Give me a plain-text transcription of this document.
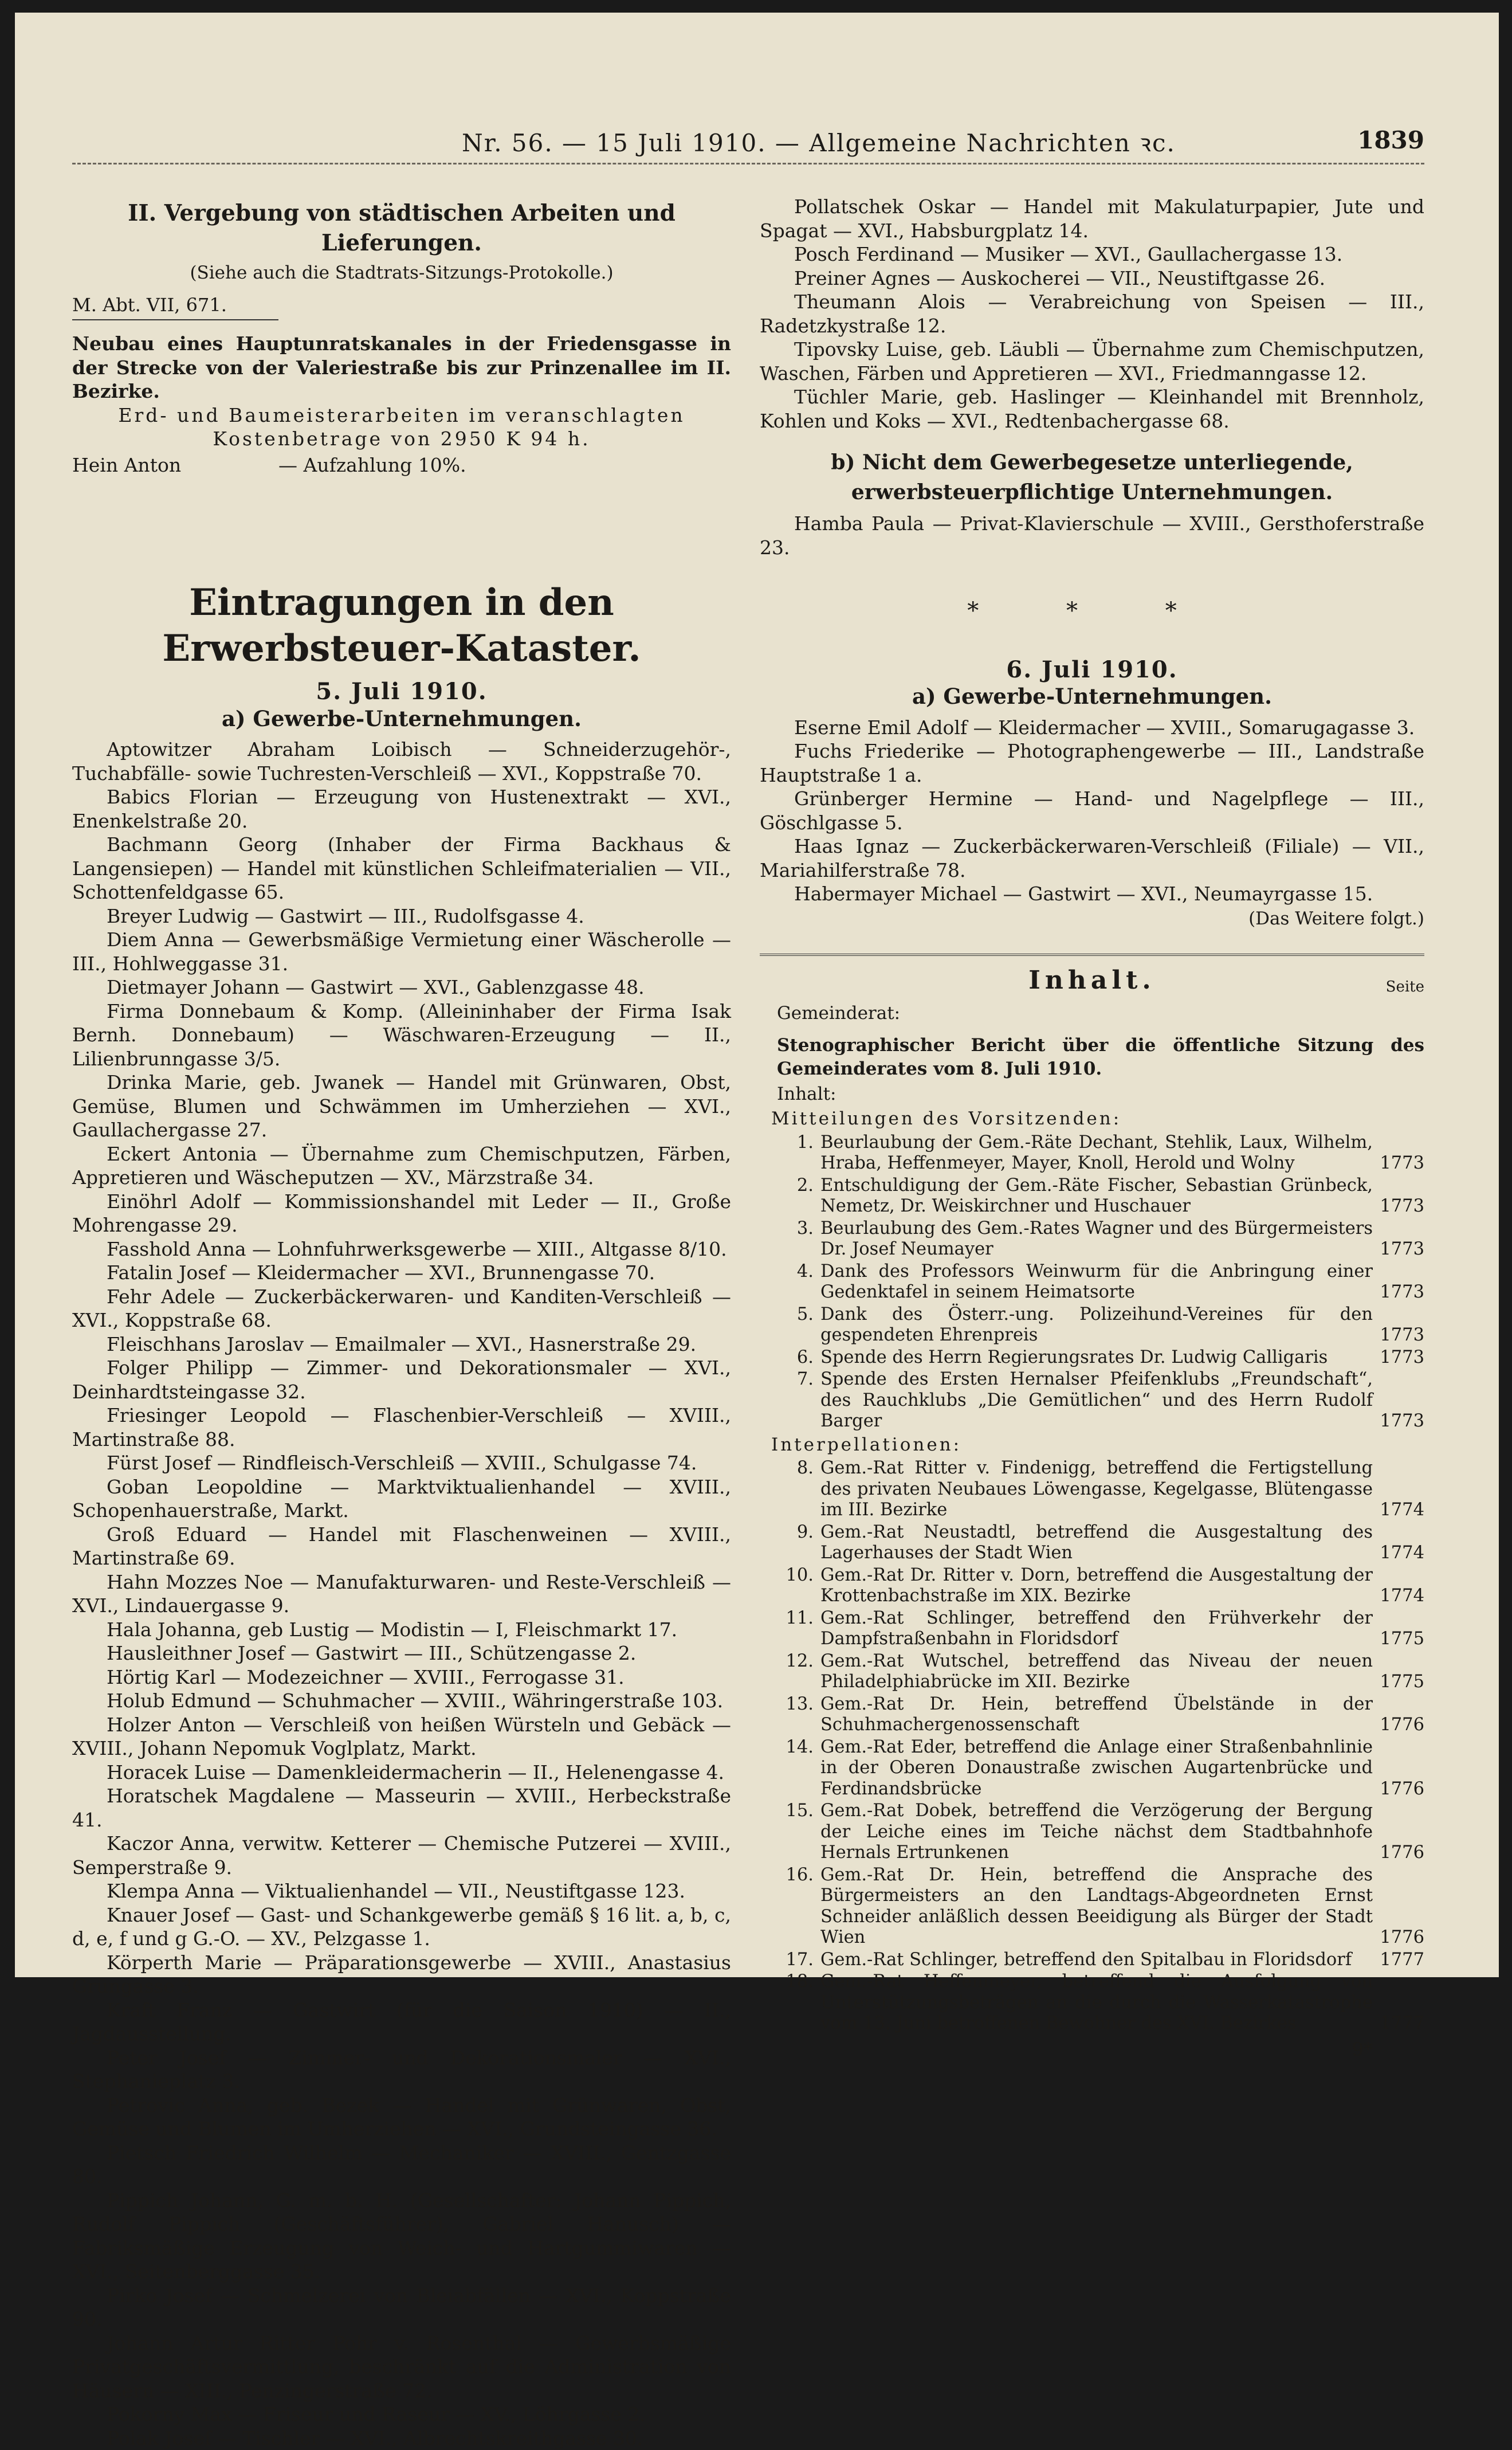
Nr. 56. — 15 Juli 1910. — Allgemeine Nachrichten ꝛc.	1839
II. Vergebung von städtischen Arbeiten und Lieferungen.
(Siehe auch die Stadtrats-Sitzungs-Protokolle.)
M. Abt. VII, 671.
Neubau eines Hauptunratskanales in der Friedensgasse in der Strecke von der Valeriestraße bis zur Prinzenallee im II. Bezirke.
Erd- und Baumeisterarbeiten im veranschlagten Kostenbetrage von 2950 K 94 h.
Hein Anton	— Aufzahlung 10%.
Eintragungen in den Erwerbsteuer-Kataster.
5. Juli 1910.
a) Gewerbe-Unternehmungen.

Aptowitzer Abraham Loibisch — Schneiderzugehör-, Tuchabfälle- sowie Tuchresten-Verschleiß — XVI., Koppstraße 70.

Babics Florian — Erzeugung von Hustenextrakt — XVI., Enenkelstraße 20.

Bachmann Georg (Inhaber der Firma Backhaus & Langensiepen) — Handel mit künstlichen Schleifmaterialien — VII., Schottenfeldgasse 65.

Breyer Ludwig — Gastwirt — III., Rudolfsgasse 4.

Diem Anna — Gewerbsmäßige Vermietung einer Wäscherolle — III., Hohlweggasse 31.

Dietmayer Johann — Gastwirt — XVI., Gablenzgasse 48.

Firma Donnebaum & Komp. (Alleininhaber der Firma Isak Bernh. Donnebaum) — Wäschwaren-Erzeugung — II., Lilienbrunngasse 3/5.

Drinka Marie, geb. Jwanek — Handel mit Grünwaren, Obst, Gemüse, Blumen und Schwämmen im Umherziehen — XVI., Gaullachergasse 27.

Eckert Antonia — Übernahme zum Chemischputzen, Färben, Appretieren und Wäscheputzen — XV., Märzstraße 34.

Einöhrl Adolf — Kommissionshandel mit Leder — II., Große Mohrengasse 29.

Fasshold Anna — Lohnfuhrwerksgewerbe — XIII., Altgasse 8/10.

Fatalin Josef — Kleidermacher — XVI., Brunnengasse 70.

Fehr Adele — Zuckerbäckerwaren- und Kanditen-Verschleiß — XVI., Koppstraße 68.

Fleischhans Jaroslav — Emailmaler — XVI., Hasnerstraße 29.

Folger Philipp — Zimmer- und Dekorationsmaler — XVI., Deinhardtsteingasse 32.

Friesinger Leopold — Flaschenbier-Verschleiß — XVIII., Martinstraße 88.

Fürst Josef — Rindfleisch-Verschleiß — XVIII., Schulgasse 74.

Goban Leopoldine — Marktviktualienhandel — XVIII., Schopenhauerstraße, Markt.

Groß Eduard — Handel mit Flaschenweinen — XVIII., Martinstraße 69.

Hahn Mozzes Noe — Manufakturwaren- und Reste-Verschleiß — XVI., Lindauergasse 9.

Hala Johanna, geb Lustig — Modistin — I, Fleischmarkt 17.

Hausleithner Josef — Gastwirt — III., Schützengasse 2.

Hörtig Karl — Modezeichner — XVIII., Ferrogasse 31.

Holub Edmund — Schuhmacher — XVIII., Währingerstraße 103.

Holzer Anton — Verschleiß von heißen Würsteln und Gebäck — XVIII., Johann Nepomuk Voglplatz, Markt.

Horacek Luise — Damenkleidermacherin — II., Helenengasse 4.

Horatschek Magdalene — Masseurin — XVIII., Herbeckstraße 41.

Kaczor Anna, verwitw. Ketterer — Chemische Putzerei — XVIII., Semperstraße 9.

Klempa Anna — Viktualienhandel — VII., Neustiftgasse 123.

Knauer Josef — Gast- und Schankgewerbe gemäß § 16 lit. a, b, c, d, e, f und g G.-O. — XV., Pelzgasse 1.

Körperth Marie — Präparationsgewerbe — XVIII., Anastasius Grüngasse 3.

Kraft Franz — Gastwirt (für die Saison 1910) — II., Jagdausstellung.

Peter Josef — Zimmer- und Dekorationsmaler — XVI., Stephanieplatz 3.

Petrovic Anna, geb. Bezek — Handel mit Grünwaren, Obst, Gemüse und Blumen im Umherziehen — XVI., Grundsteingasse 36.

Pietsch Friedrich Wilhelm — Mechaniker — XVIII., Gentzgasse 80.

Pippich Johann, G. m. b. H. (Gesellschafter: Johann Pippich, Rudolf Pippich (Geschäftsführer), Gabriel Hanusch) — Fabriksmäßige Erzeugung von Weich- und Hartgummiwaren — XVI., Seitenberggasse 35.

Pirko Josef — Schmelzerei von Bleiabfällen — XVI., Koppstraße 90.

Johann Artur Ritter Pohr v. Rosenthal — Gewerbsmäßige Privatgeschäftsvermittlung, beschränkt auf die Administration von Häusern — XIII., Penzingerstraße 72.

Pokorny Max — Friseur und Raseur — XV., Löhrgasse 2.

Polak Josef — Tischler — XVI., Albrechtskreithgasse 30.

Pollatschek Oskar — Handel mit Makulaturpapier, Jute und Spagat — XVI., Habsburgplatz 14.

Posch Ferdinand — Musiker — XVI., Gaullachergasse 13.

Preiner Agnes — Auskocherei — VII., Neustiftgasse 26.

Theumann Alois — Verabreichung von Speisen — III., Radetzkystraße 12.

Tipovsky Luise, geb. Läubli — Übernahme zum Chemischputzen, Waschen, Färben und Appretieren — XVI., Friedmanngasse 12.

Tüchler Marie, geb. Haslinger — Kleinhandel mit Brennholz, Kohlen und Koks — XVI., Redtenbachergasse 68.

b) Nicht dem Gewerbegesetze unterliegende, erwerbsteuerpflichtige Unternehmungen.

Hamba Paula — Privat-Klavierschule — XVIII., Gersthoferstraße 23.

* * *
6. Juli 1910.
a) Gewerbe-Unternehmungen.

Eserne Emil Adolf — Kleidermacher — XVIII., Somarugagasse 3.

Fuchs Friederike — Photographengewerbe — III., Landstraße Hauptstraße 1 a.

Grünberger Hermine — Hand- und Nagelpflege — III., Göschlgasse 5.

Haas Ignaz — Zuckerbäckerwaren-Verschleiß (Filiale) — VII., Mariahilferstraße 78.

Habermayer Michael — Gastwirt — XVI., Neumayrgasse 15.

(Das Weitere folgt.)
Inhalt.	Seite
Gemeinderat:
Stenographischer Bericht über die öffentliche Sitzung des Gemeinderates vom 8. Juli 1910.
Inhalt:
Mitteilungen des Vorsitzenden:
1. Beurlaubung der Gem.-Räte Dechant, Stehlik, Laux, Wilhelm, Hraba, Heffenmeyer, Mayer, Knoll, Herold und Wolny	1773
2. Entschuldigung der Gem.-Räte Fischer, Sebastian Grünbeck, Nemetz, Dr. Weiskirchner und Huschauer	1773
3. Beurlaubung des Gem.-Rates Wagner und des Bürgermeisters Dr. Josef Neumayer	1773
4. Dank des Professors Weinwurm für die Anbringung einer Gedenktafel in seinem Heimatsorte	1773
5. Dank des Österr.-ung. Polizeihund-Vereines für den gespendeten Ehrenpreis	1773
6. Spende des Herrn Regierungsrates Dr. Ludwig Calligaris	1773
7. Spende des Ersten Hernalser Pfeifenklubs „Freundschaft“, des Rauchklubs „Die Gemütlichen“ und des Herrn Rudolf Barger	1773
Interpellationen:
8. Gem.-Rat Ritter v. Findenigg, betreffend die Fertigstellung des privaten Neubaues Löwengasse, Kegelgasse, Blütengasse im III. Bezirke	1774
9. Gem.-Rat Neustadtl, betreffend die Ausgestaltung des Lagerhauses der Stadt Wien	1774
10. Gem.-Rat Dr. Ritter v. Dorn, betreffend die Ausgestaltung der Krottenbachstraße im XIX. Bezirke	1774
11. Gem.-Rat Schlinger, betreffend den Frühverkehr der Dampfstraßenbahn in Floridsdorf	1775
12. Gem.-Rat Wutschel, betreffend das Niveau der neuen Philadelphiabrücke im XII. Bezirke	1775
13. Gem.-Rat Dr. Hein, betreffend Übelstände in der Schuhmachergenossenschaft	1776
14. Gem.-Rat Eder, betreffend die Anlage einer Straßenbahnlinie in der Oberen Donaustraße zwischen Augartenbrücke und Ferdinandsbrücke	1776
15. Gem.-Rat Dobek, betreffend die Verzögerung der Bergung der Leiche eines im Teiche nächst dem Stadtbahnhofe Hernals Ertrunkenen	1776
16. Gem.-Rat Dr. Hein, betreffend die Ansprache des Bürgermeisters an den Landtags-Abgeordneten Ernst Schneider anläßlich dessen Beeidigung als Bürger der Stadt Wien	1776
17. Gem.-Rat Schlinger, betreffend den Spitalbau in Floridsdorf	1777
18. Gem.-Rat Heffenmeyer, betreffend die Ausfolgung von Unterstützungsbeträgen an die durch die Wasserkatastrophe vom 13. Juni betroffenen Bewohner des XVI. Bezirkes	1777
9*
